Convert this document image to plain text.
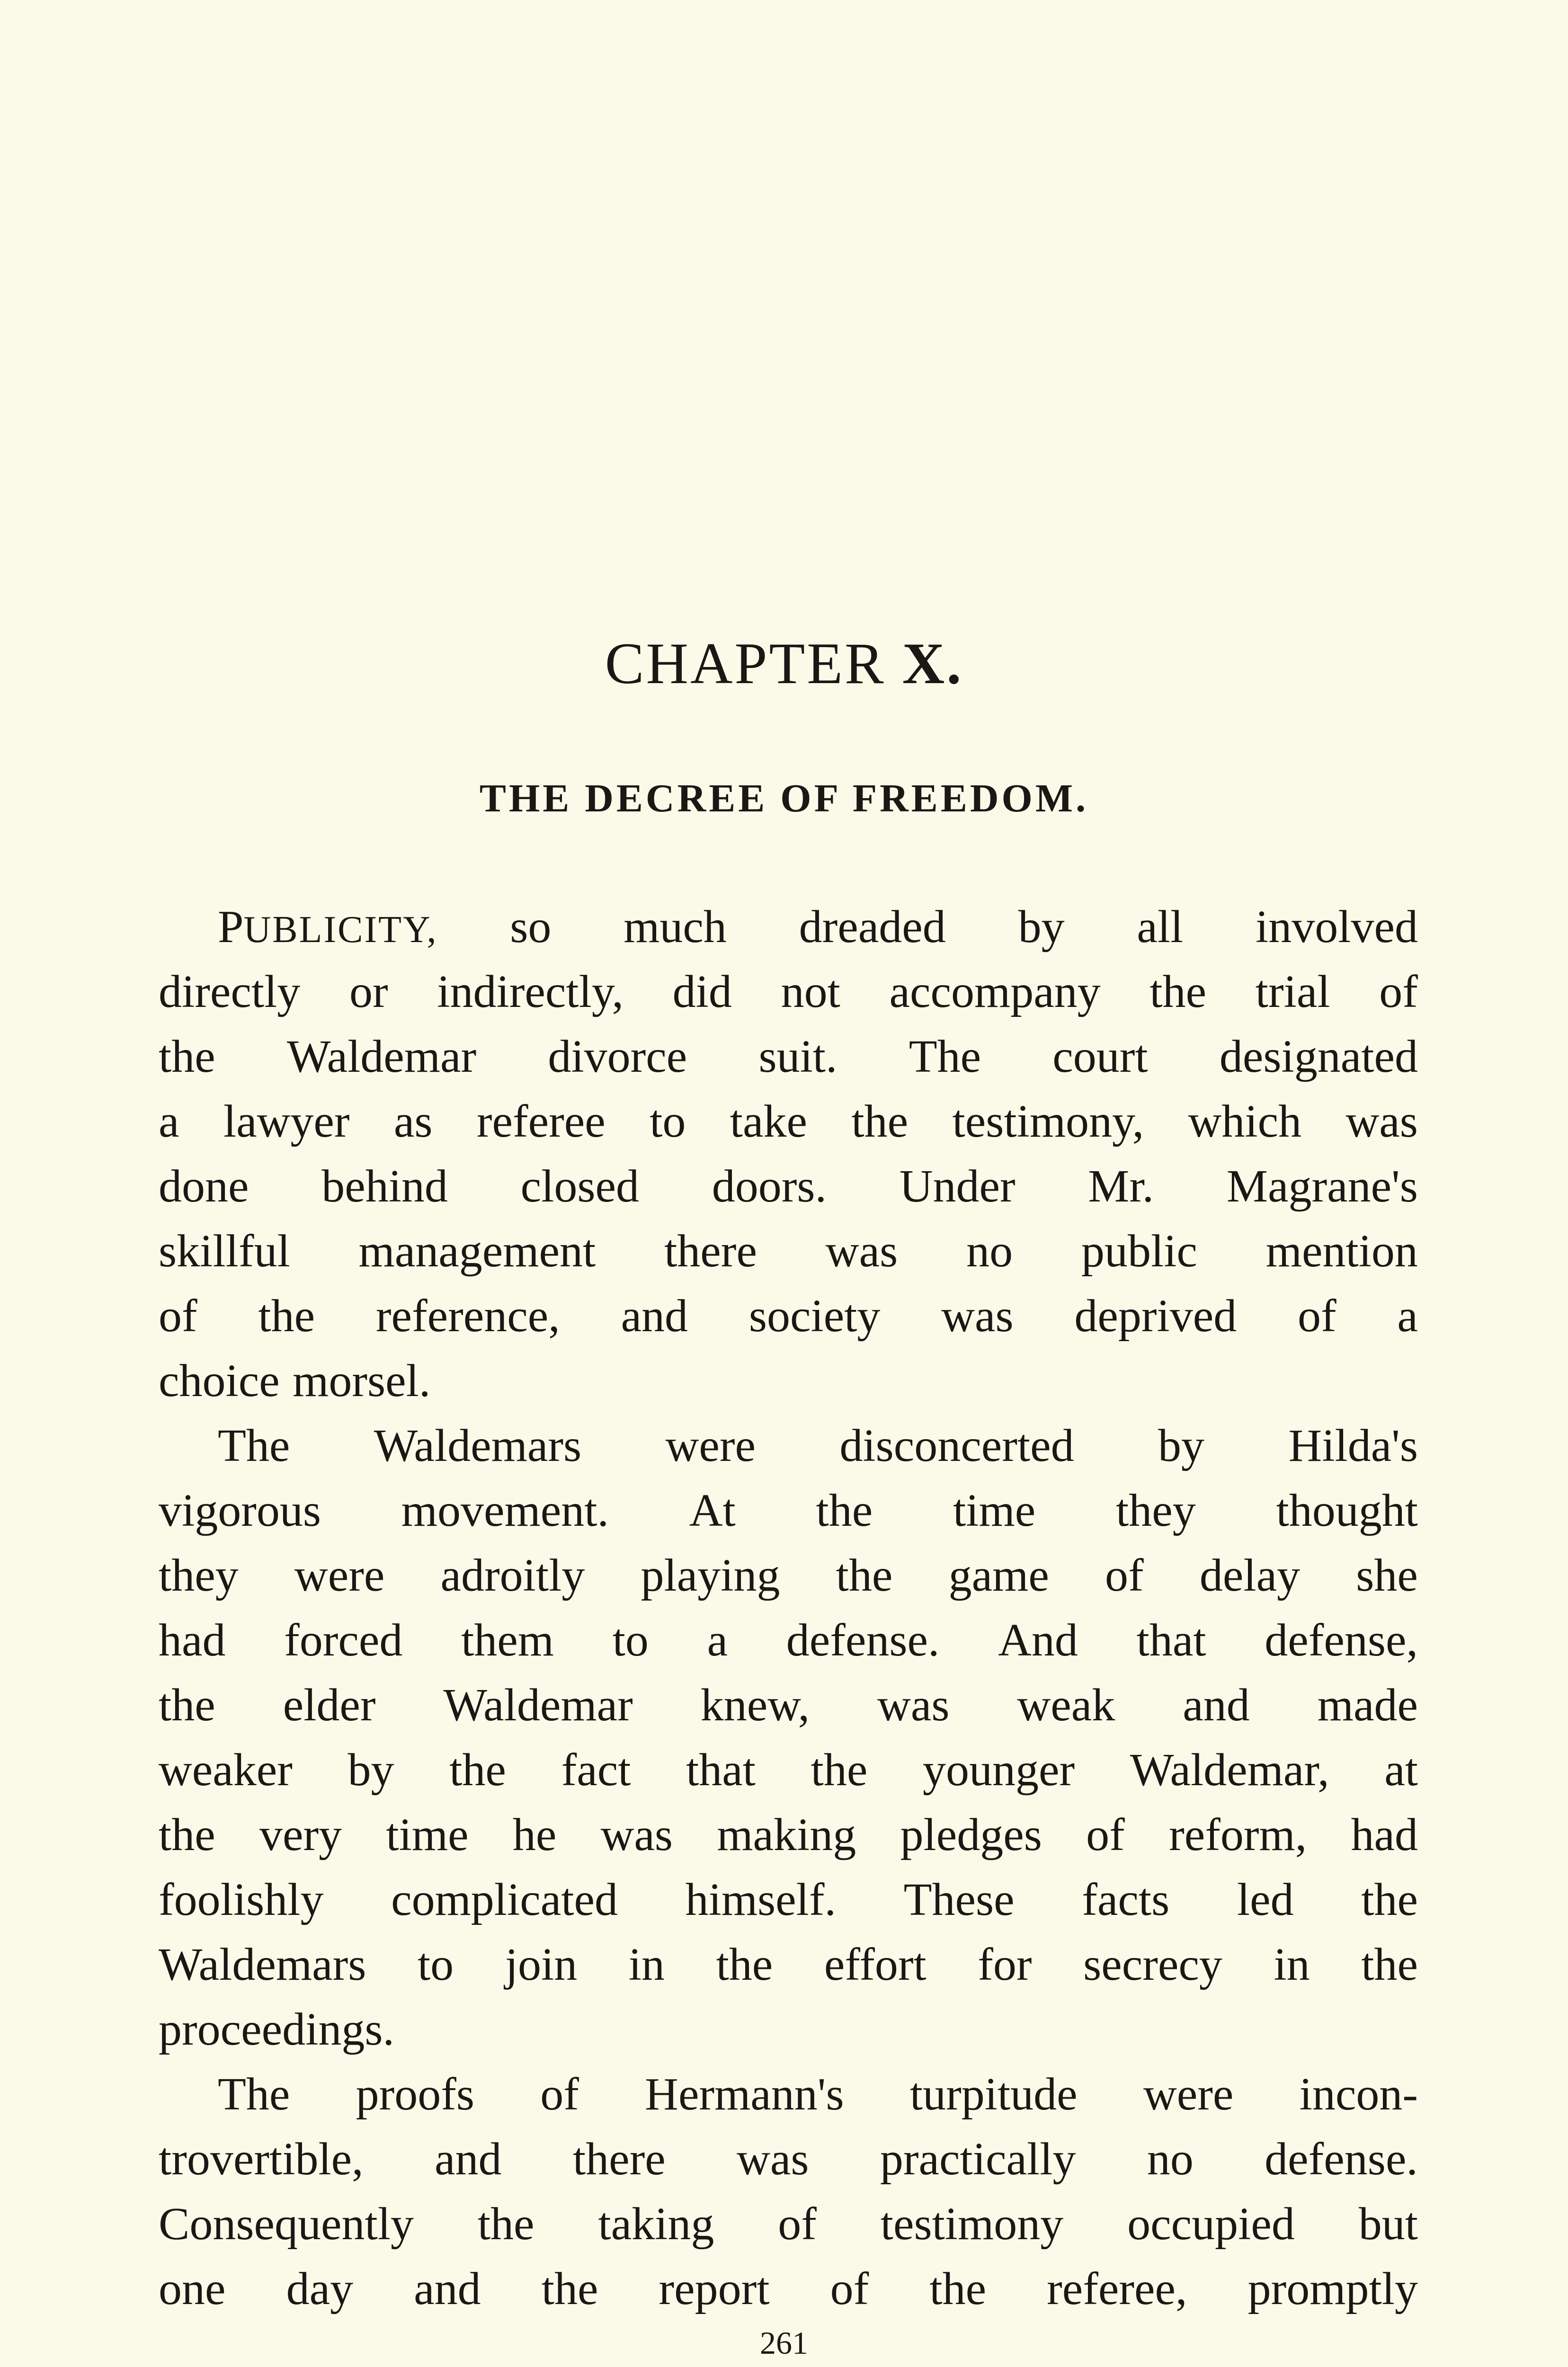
CHAPTER X.
THE DECREE OF FREEDOM.
PUBLICITY, so much dreaded by all involved
directly or indirectly, did not accompany the trial of
the Waldemar divorce suit. The court designated
a lawyer as referee to take the testimony, which was
done behind closed doors. Under Mr. Magrane's
skillful management there was no public mention
of the reference, and society was deprived of a
choice morsel.
The Waldemars were disconcerted by Hilda's
vigorous movement. At the time they thought
they were adroitly playing the game of delay she
had forced them to a defense. And that defense,
the elder Waldemar knew, was weak and made
weaker by the fact that the younger Waldemar, at
the very time he was making pledges of reform, had
foolishly complicated himself. These facts led the
Waldemars to join in the effort for secrecy in the
proceedings.
The proofs of Hermann's turpitude were incon-
trovertible, and there was practically no defense.
Consequently the taking of testimony occupied but
one day and the report of the referee, promptly
261
